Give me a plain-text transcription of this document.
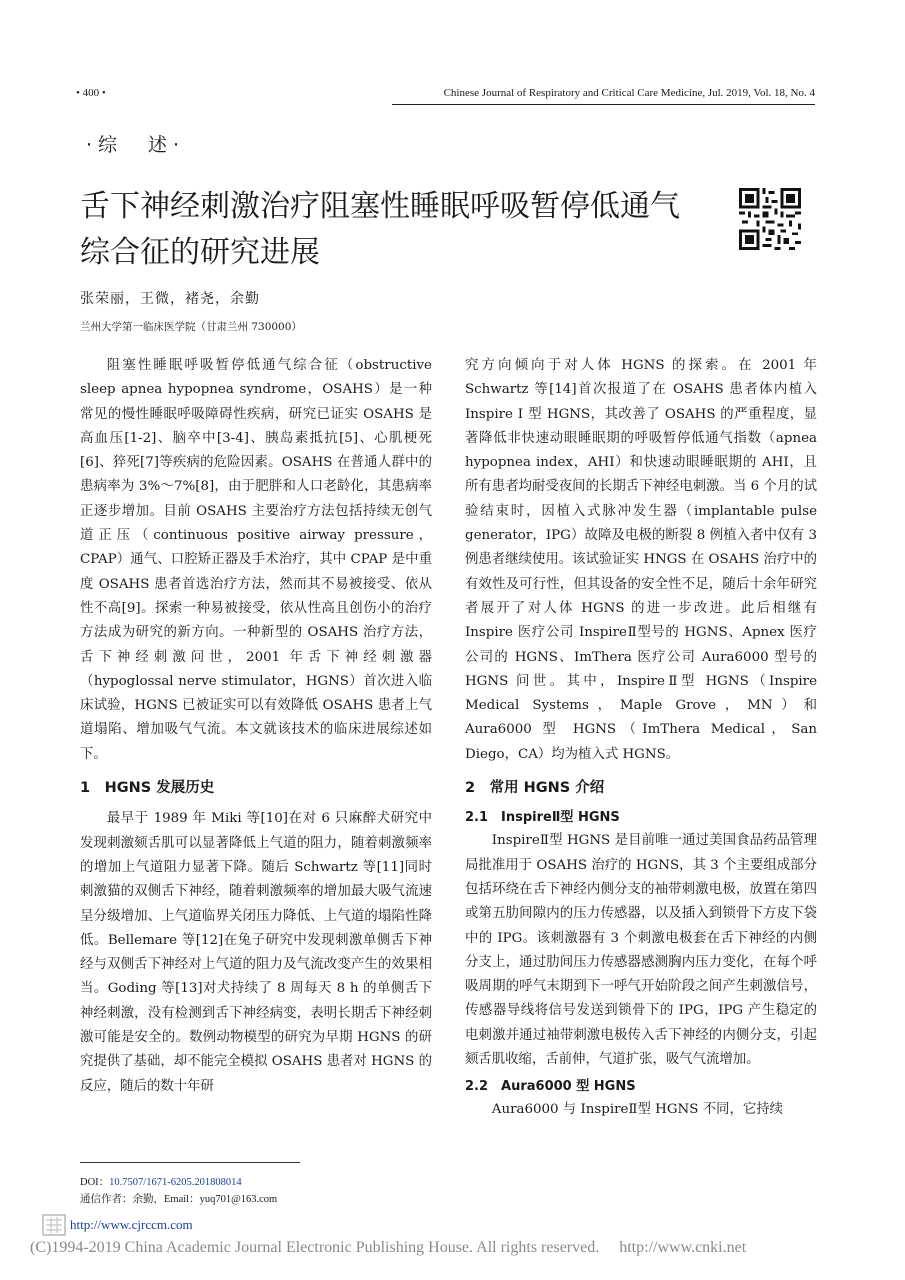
• 400 •	Chinese Journal of Respiratory and Critical Care Medicine, Jul. 2019, Vol. 18, No. 4
·综　述·
舌下神经刺激治疗阻塞性睡眠呼吸暂停低通气综合征的研究进展
张荣丽，王微，褚尧，余勤
兰州大学第一临床医学院（甘肃兰州 730000）

阻塞性睡眠呼吸暂停低通气综合征（obstructive sleep apnea hypopnea syndrome，OSAHS）是一种常见的慢性睡眠呼吸障碍性疾病，研究已证实 OSAHS 是高血压[1-2]、脑卒中[3-4]、胰岛素抵抗[5]、心肌梗死[6]、猝死[7]等疾病的危险因素。OSAHS 在普通人群中的患病率为 3%～7%[8]，由于肥胖和人口老龄化，其患病率正逐步增加。目前 OSAHS 主要治疗方法包括持续无创气道正压（continuous positive airway pressure，CPAP）通气、口腔矫正器及手术治疗，其中 CPAP 是中重度 OSAHS 患者首选治疗方法，然而其不易被接受、依从性不高[9]。探索一种易被接受，依从性高且创伤小的治疗方法成为研究的新方向。一种新型的 OSAHS 治疗方法，舌下神经刺激问世，2001 年舌下神经刺激器（hypoglossal nerve stimulator，HGNS）首次进入临床试验，HGNS 已被证实可以有效降低 OSAHS 患者上气道塌陷、增加吸气气流。本文就该技术的临床进展综述如下。

1　HGNS 发展历史

最早于 1989 年 Miki 等[10]在对 6 只麻醉犬研究中发现刺激颏舌肌可以显著降低上气道的阻力，随着刺激频率的增加上气道阻力显著下降。随后 Schwartz 等[11]同时刺激猫的双侧舌下神经，随着刺激频率的增加最大吸气流速呈分级增加、上气道临界关闭压力降低、上气道的塌陷性降低。Bellemare 等[12]在兔子研究中发现刺激单侧舌下神经与双侧舌下神经对上气道的阻力及气流改变产生的效果相当。Goding 等[13]对犬持续了 8 周每天 8 h 的单侧舌下神经刺激，没有检测到舌下神经病变，表明长期舌下神经刺激可能是安全的。数例动物模型的研究为早期 HGNS 的研究提供了基础，却不能完全模拟 OSAHS 患者对 HGNS 的反应，随后的数十年研

究方向倾向于对人体 HGNS 的探索。在 2001 年 Schwartz 等[14]首次报道了在 OSAHS 患者体内植入 Inspire Ⅰ 型 HGNS，其改善了 OSAHS 的严重程度，显著降低非快速动眼睡眠期的呼吸暂停低通气指数（apnea hypopnea index，AHI）和快速动眼睡眠期的 AHI，且所有患者均耐受夜间的长期舌下神经电刺激。当 6 个月的试验结束时，因植入式脉冲发生器（implantable pulse generator，IPG）故障及电极的断裂 8 例植入者中仅有 3 例患者继续使用。该试验证实 HNGS 在 OSAHS 治疗中的有效性及可行性，但其设备的安全性不足，随后十余年研究者展开了对人体 HGNS 的进一步改进。此后相继有 Inspire 医疗公司 InspireⅡ型号的 HGNS、Apnex 医疗公司的 HGNS、ImThera 医疗公司 Aura6000 型号的 HGNS 问世。其中，InspireⅡ型 HGNS（Inspire Medical Systems，Maple Grove，MN）和 Aura6000 型 HGNS（ImThera Medical，San Diego，CA）均为植入式 HGNS。

2　常用 HGNS 介绍
2.1　InspireⅡ型 HGNS

InspireⅡ型 HGNS 是目前唯一通过美国食品药品管理局批准用于 OSAHS 治疗的 HGNS，其 3 个主要组成部分包括环绕在舌下神经内侧分支的袖带刺激电极，放置在第四或第五肋间隙内的压力传感器，以及插入到锁骨下方皮下袋中的 IPG。该刺激器有 3 个刺激电极套在舌下神经的内侧分支上，通过肋间压力传感器感测胸内压力变化，在每个呼吸周期的呼气末期到下一呼气开始阶段之间产生刺激信号，传感器导线将信号发送到锁骨下的 IPG，IPG 产生稳定的电刺激并通过袖带刺激电极传入舌下神经的内侧分支，引起颏舌肌收缩，舌前伸，气道扩张，吸气气流增加。

2.2　Aura6000 型 HGNS

Aura6000 与 InspireⅡ型 HGNS 不同，它持续

DOI：10.7507/1671-6205.201808014
通信作者：余勤，Email：yuq701@163.com
http://www.cjrccm.com
(C)1994-2019 China Academic Journal Electronic Publishing House. All rights reserved.　 http://www.cnki.net
